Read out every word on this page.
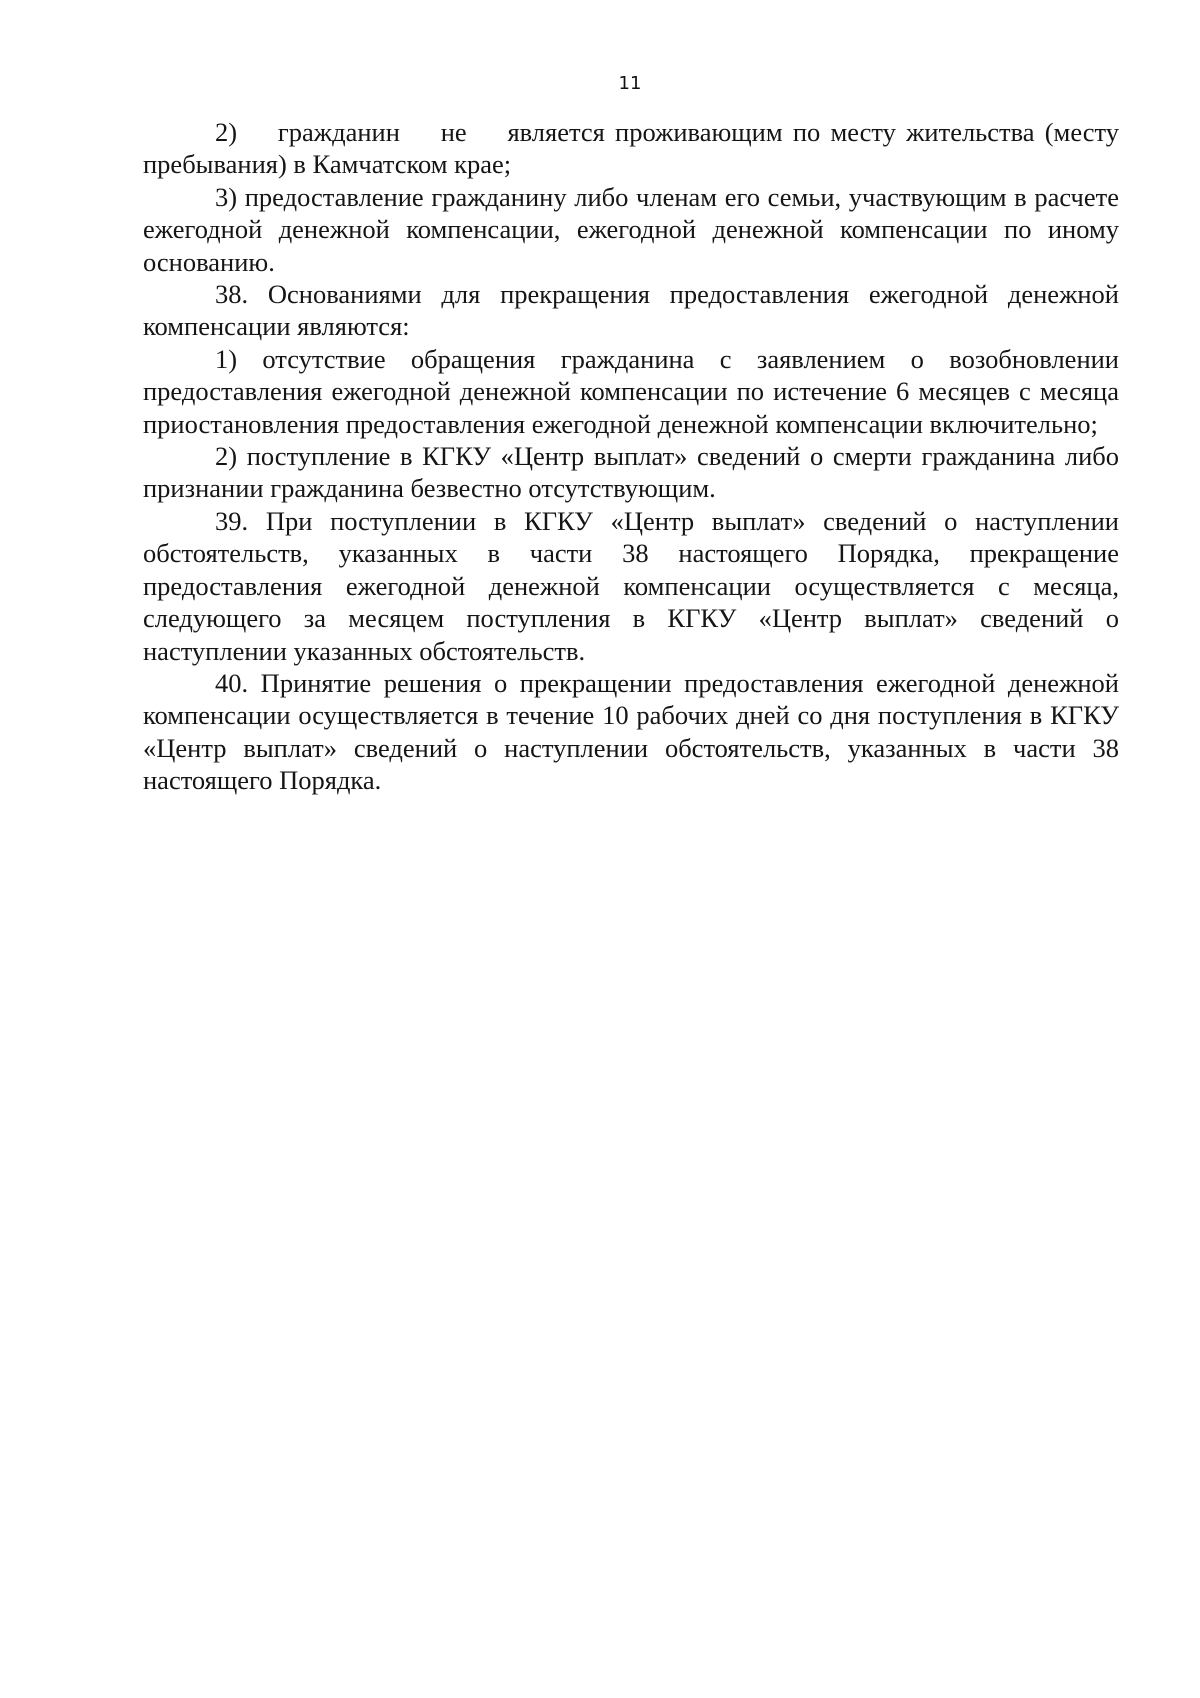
11

2)    гражданин    не    является проживающим по месту жительства (месту пребывания) в Камчатском крае;

3) предоставление гражданину либо членам его семьи, участвующим в расчете ежегодной денежной компенсации, ежегодной денежной компенсации по иному основанию.

38. Основаниями для прекращения предоставления ежегодной денежной компенсации являются:

1) отсутствие обращения гражданина с заявлением о возобновлении предоставления ежегодной денежной компенсации по истечение 6 месяцев с месяца приостановления предоставления ежегодной денежной компенсации включительно;

2) поступление в КГКУ «Центр выплат» сведений о смерти гражданина либо признании гражданина безвестно отсутствующим.

39. При поступлении в КГКУ «Центр выплат» сведений о наступлении обстоятельств, указанных в части 38 настоящего Порядка, прекращение предоставления ежегодной денежной компенсации осуществляется с месяца, следующего за месяцем поступления в КГКУ «Центр выплат» сведений о наступлении указанных обстоятельств.

40. Принятие решения о прекращении предоставления ежегодной денежной компенсации осуществляется в течение 10 рабочих дней со дня поступления в КГКУ «Центр выплат» сведений о наступлении обстоятельств, указанных в части 38 настоящего Порядка.
